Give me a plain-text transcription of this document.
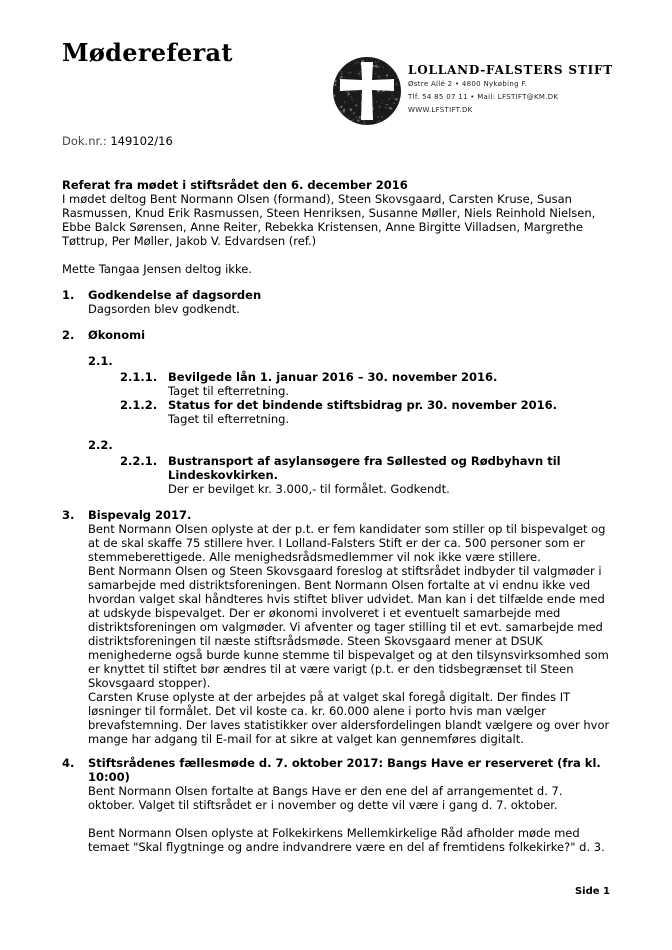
Mødereferat
LOLLAND-FALSTERS STIFT
Østre Allé 2 • 4800 Nykøbing F.
Tlf. 54 85 07 11 • Mail: LFSTIFT@KM.DK
WWW.LFSTIFT.DK
Dok.nr.: 149102/16
Referat fra mødet i stiftsrådet den 6. december 2016
I mødet deltog Bent Normann Olsen (formand), Steen Skovsgaard, Carsten Kruse, Susan
Rasmussen, Knud Erik Rasmussen, Steen Henriksen, Susanne Møller, Niels Reinhold Nielsen,
Ebbe Balck Sørensen, Anne Reiter, Rebekka Kristensen, Anne Birgitte Villadsen, Margrethe
Tøttrup, Per Møller, Jakob V. Edvardsen (ref.)
Mette Tangaa Jensen deltog ikke.
1. Godkendelse af dagsorden
Dagsorden blev godkendt.
2. Økonomi
2.1.
2.1.1. Bevilgede lån 1. januar 2016 – 30. november 2016.
Taget til efterretning.
2.1.2. Status for det bindende stiftsbidrag pr. 30. november 2016.
Taget til efterretning.
2.2.
2.2.1. Bustransport af asylansøgere fra Søllested og Rødbyhavn til
Lindeskovkirken.
Der er bevilget kr. 3.000,- til formålet. Godkendt.
3. Bispevalg 2017.
Bent Normann Olsen oplyste at der p.t. er fem kandidater som stiller op til bispevalget og
at de skal skaffe 75 stillere hver. I Lolland-Falsters Stift er der ca. 500 personer som er
stemmeberettigede. Alle menighedsrådsmedlemmer vil nok ikke være stillere.
Bent Normann Olsen og Steen Skovsgaard foreslog at stiftsrådet indbyder til valgmøder i
samarbejde med distriktsforeningen. Bent Normann Olsen fortalte at vi endnu ikke ved
hvordan valget skal håndteres hvis stiftet bliver udvidet. Man kan i det tilfælde ende med
at udskyde bispevalget. Der er økonomi involveret i et eventuelt samarbejde med
distriktsforeningen om valgmøder. Vi afventer og tager stilling til et evt. samarbejde med
distriktsforeningen til næste stiftsrådsmøde. Steen Skovsgaard mener at DSUK
menighederne også burde kunne stemme til bispevalget og at den tilsynsvirksomhed som
er knyttet til stiftet bør ændres til at være varigt (p.t. er den tidsbegrænset til Steen
Skovsgaard stopper).
Carsten Kruse oplyste at der arbejdes på at valget skal foregå digitalt. Der findes IT
løsninger til formålet. Det vil koste ca. kr. 60.000 alene i porto hvis man vælger
brevafstemning. Der laves statistikker over aldersfordelingen blandt vælgere og over hvor
mange har adgang til E-mail for at sikre at valget kan gennemføres digitalt.
4. Stiftsrådenes fællesmøde d. 7. oktober 2017: Bangs Have er reserveret (fra kl.
10:00)
Bent Normann Olsen fortalte at Bangs Have er den ene del af arrangementet d. 7.
oktober. Valget til stiftsrådet er i november og dette vil være i gang d. 7. oktober.
Bent Normann Olsen oplyste at Folkekirkens Mellemkirkelige Råd afholder møde med
temaet "Skal flygtninge og andre indvandrere være en del af fremtidens folkekirke?" d. 3.
Side 1
